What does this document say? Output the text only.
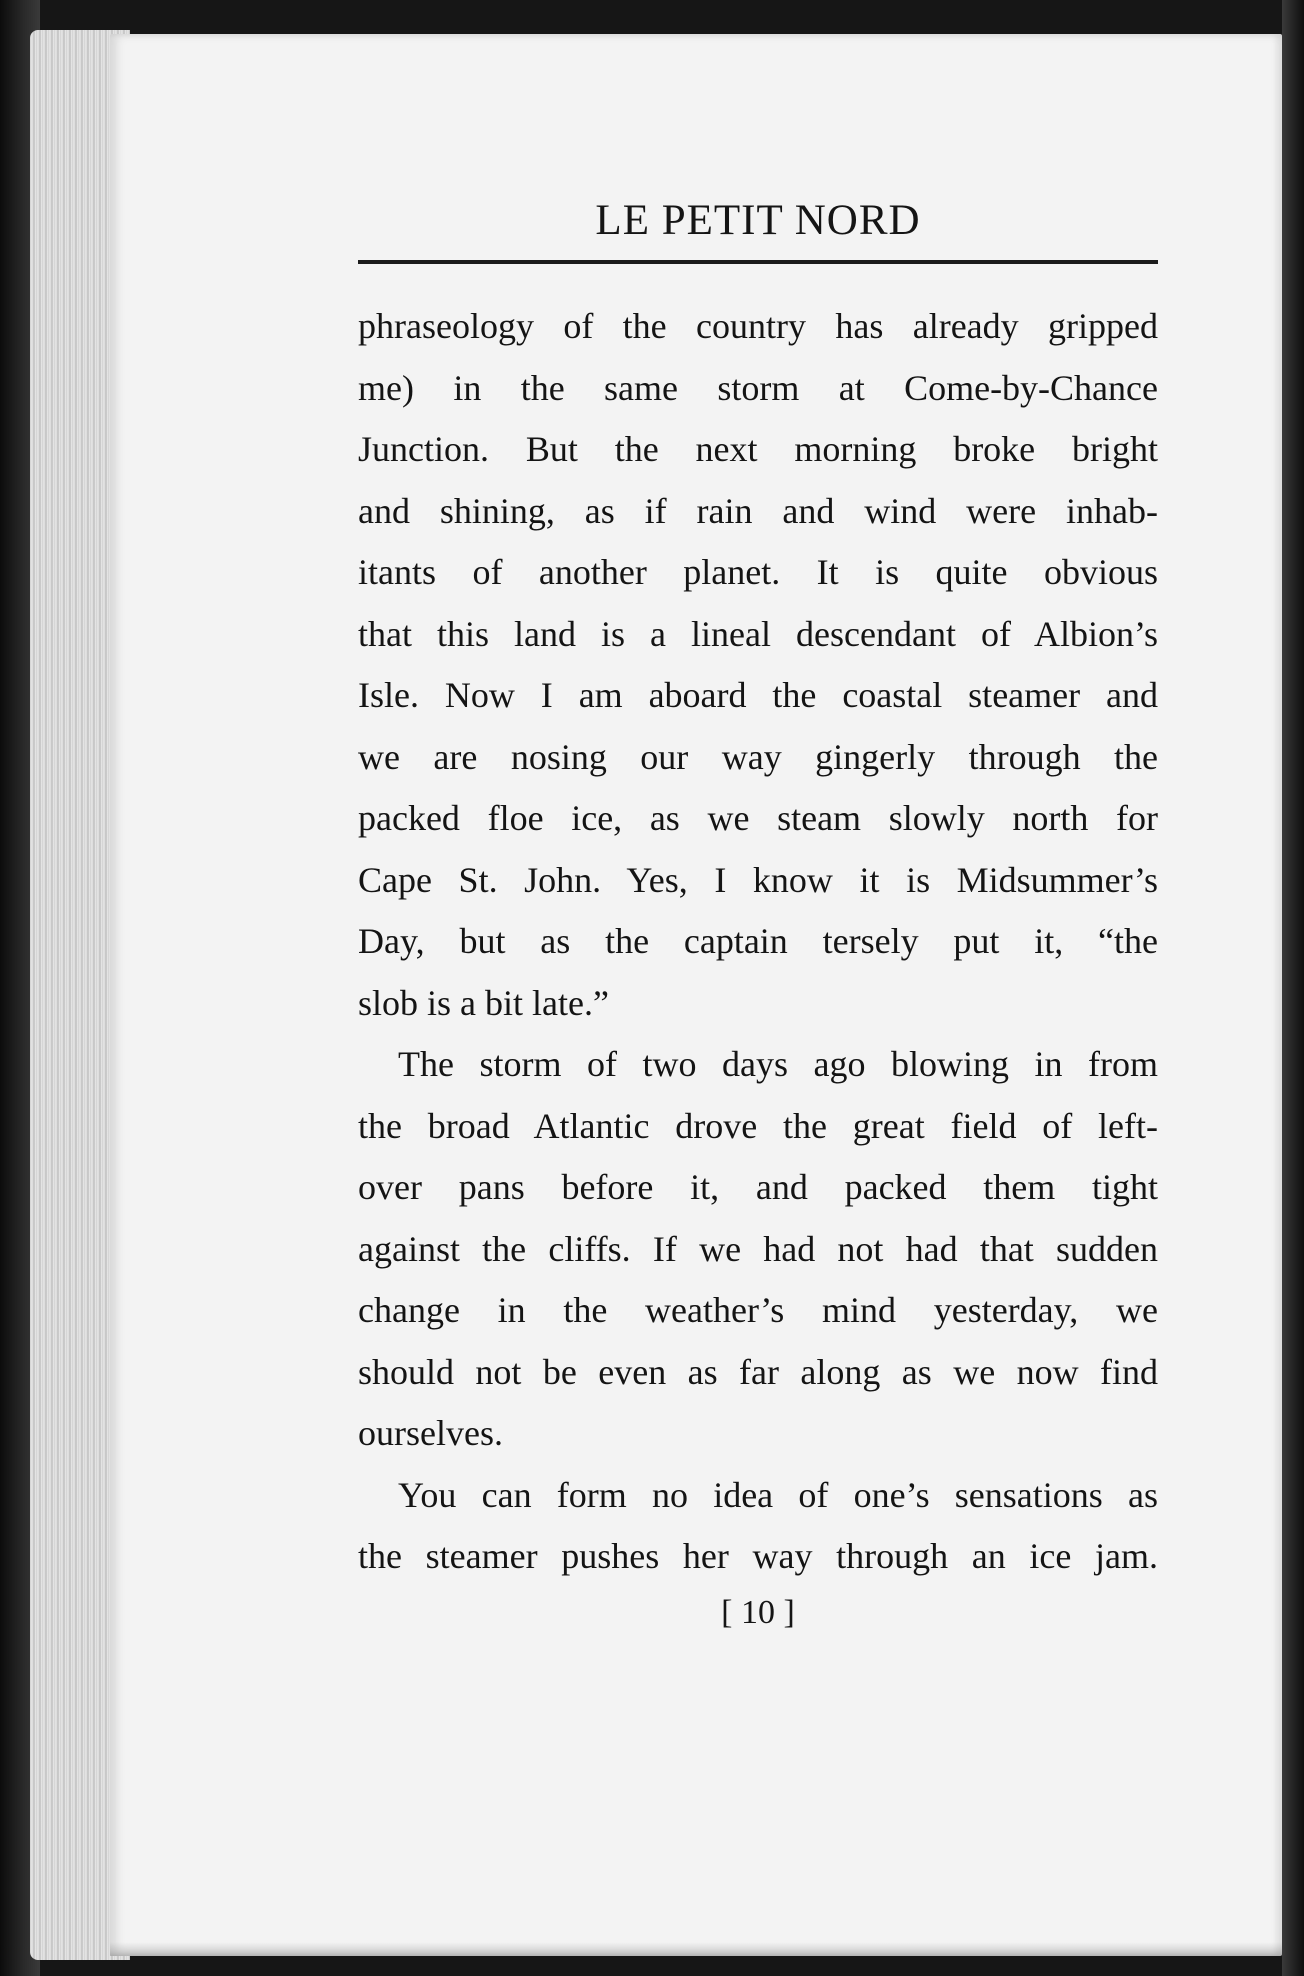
LE PETIT NORD

phraseology of the country has already gripped
me) in the same storm at Come-by-Chance
Junction. But the next morning broke bright
and shining, as if rain and wind were inhab-
itants of another planet. It is quite obvious
that this land is a lineal descendant of Albion’s
Isle. Now I am aboard the coastal steamer and
we are nosing our way gingerly through the
packed floe ice, as we steam slowly north for
Cape St. John. Yes, I know it is Midsummer’s
Day, but as the captain tersely put it, “the
slob is a bit late.”

The storm of two days ago blowing in from
the broad Atlantic drove the great field of left-
over pans before it, and packed them tight
against the cliffs. If we had not had that sudden
change in the weather’s mind yesterday, we
should not be even as far along as we now find
ourselves.

You can form no idea of one’s sensations as
the steamer pushes her way through an ice jam.

[ 10 ]
